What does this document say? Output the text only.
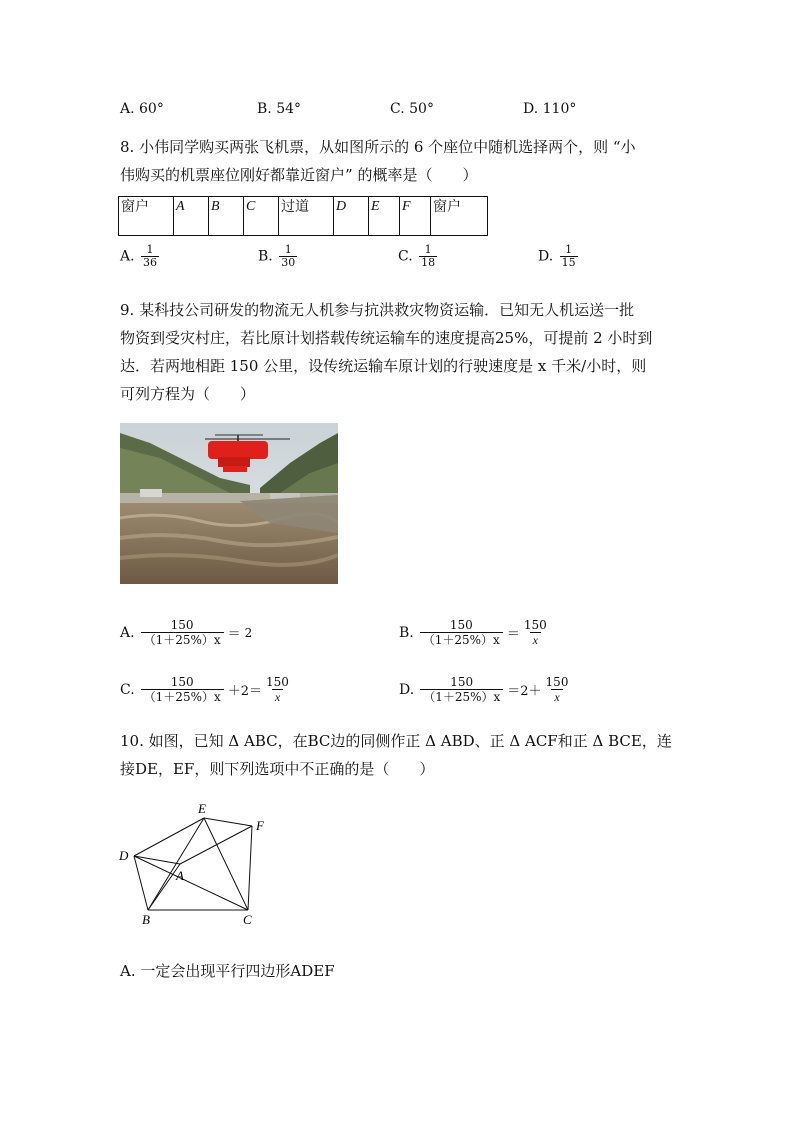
A. 60°	B. 54°	C. 50°	D. 110°
8. 小伟同学购买两张飞机票，从如图所示的 6 个座位中随机选择两个，则 “小
伟购买的机票座位刚好都靠近窗户” 的概率是（　　）
窗户	A	B	C	过道	D	E	F	窗户
A. $\frac{1}{36}$	B. $\frac{1}{30}$	C. $\frac{1}{18}$	D. $\frac{1}{15}$
9. 某科技公司研发的物流无人机参与抗洪救灾物资运输．已知无人机运送一批
物资到受灾村庄，若比原计划搭载传统运输车的速度提高25%，可提前 2 小时到
达．若两地相距 150 公里，设传统运输车原计划的行驶速度是 x 千米/小时，则
可列方程为（　　）
A.	150
（1＋25%）x ＝ 2	B.	150
（1＋25%）x ＝
150
x
C.	150
（1＋25%）x ＋2＝
150
x	D.	150
（1＋25%）x ＝2＋
150
x
10. 如图，已知 Δ ABC，在BC边的同侧作正 Δ ABD、正 Δ ACF和正 Δ BCE，连
接DE，EF，则下列选项中不正确的是（　　）
E
F
D
A
B	C
A. 一定会出现平行四边形ADEF
